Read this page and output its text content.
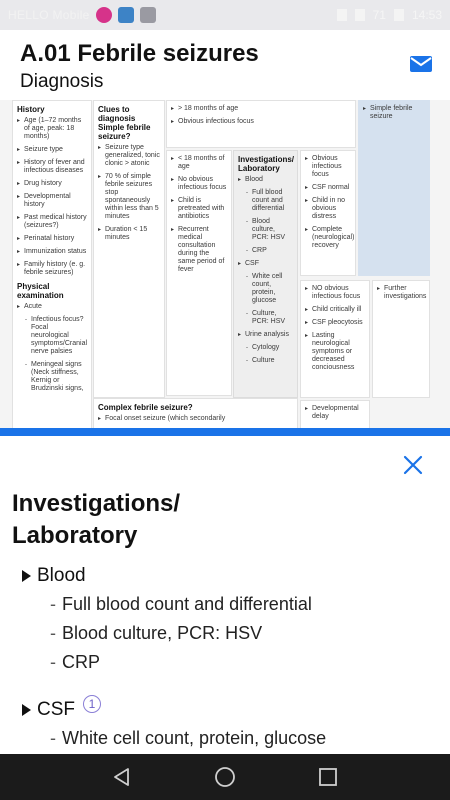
HELLO Mobile	71 14:53
A.01 Febrile seizures
Diagnosis
History
▸ Age (1–72 months of age, peak: 18 months)
▸ Seizure type
▸ History of fever and infectious diseases
▸ Drug history
▸ Developmental history
▸ Past medical history (seizures?)
▸ Perinatal history
▸ Immunization status
▸ Family history (e. g. febrile seizures)
Physical examination
▸ Acute
- Infectious focus? Focal neurological symptoms/Cranial nerve palsies
- Meningeal signs (Neck stiffness, Kernig or Brudzinski signs,
Clues to diagnosis Simple febrile seizure?
▸ Seizure type generalized, tonic clonic > atonic
▸ 70 % of simple febrile seizures stop spontaneously within less than 5 minutes
▸ Duration < 15 minutes
Complex febrile seizure?
▸ Focal onset seizure (which secondarily
▸ > 18 months of age
▸ Obvious infectious focus
▸ < 18 months of age
▸ No obvious infectious focus
▸ Child is pretreated with antibiotics
▸ Recurrent medical consultation during the same period of fever
Investigations/ Laboratory
▸ Blood
- Full blood count and differential
- Blood culture, PCR: HSV
- CRP
▸ CSF
- White cell count, protein, glucose
- Culture, PCR: HSV
▸ Urine analysis
- Cytology
- Culture
▸ Obvious infectious focus
▸ CSF normal
▸ Child in no obvious distress
▸ Complete (neurological) recovery
▸ NO obvious infectious focus
▸ Child critically ill
▸ CSF pleocytosis
▸ Lasting neurological symptoms or decreased conciousness
▸ Developmental delay
▸ Simple febrile seizure
▸ Further investigations
Investigations/
Laboratory
Blood
- Full blood count and differential
- Blood culture, PCR: HSV
- CRP
CSF	1
- White cell count, protein, glucose
